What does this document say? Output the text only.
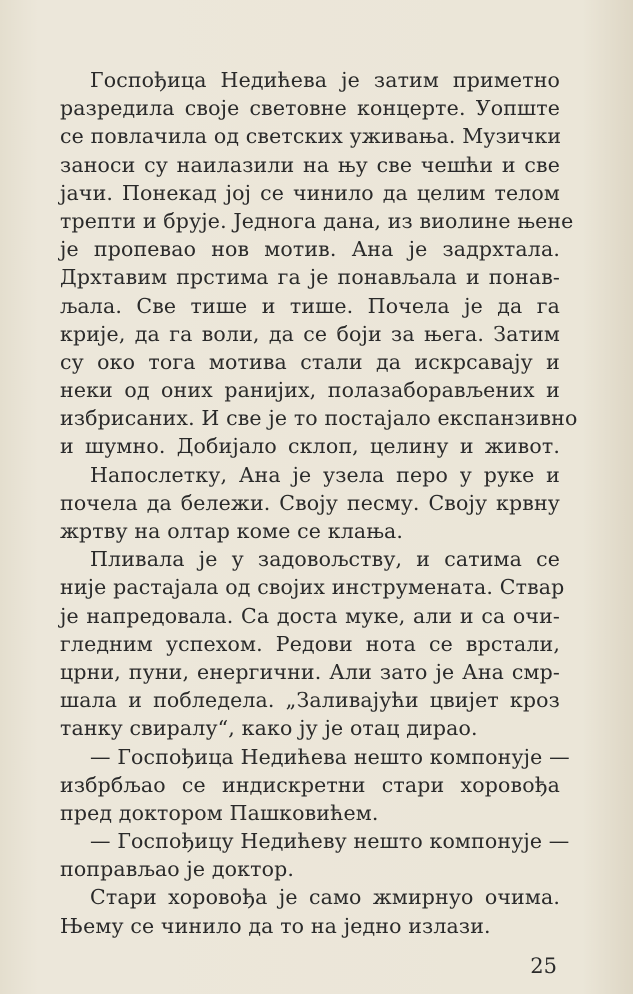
Госпођица Недићева је затим приметно
разредила своје световне концерте. Уопште
се повлачила од светских уживања. Музички
заноси су наилазили на њу све чешћи и све
јачи. Понекад јој се чинило да целим телом
трепти и брује. Једнога дана, из виолине њене
је пропевао нов мотив. Ана је задрхтала.
Дрхтавим прстима га је понављала и понав-
љала. Све тише и тише. Почела је да га
крије, да га воли, да се боји за њега. Затим
су око тога мотива стали да искрсавају и
неки од оних ранијих, полазаборављених и
избрисаних. И све је то постајало експанзивно
и шумно. Добијало склоп, целину и живот.
Напослетку, Ана је узела перо у руке и
почела да бележи. Своју песму. Своју крвну
жртву на олтар коме се клања.
Пливала је у задовољству, и сатима се
није растајала од својих инструмената. Ствар
је напредовала. Са доста муке, али и са очи-
гледним успехом. Редови нота се врстали,
црни, пуни, енергични. Али зато је Ана смр-
шала и побледела. „Заливајући цвијет кроз
танку свиралу“, како ју је отац дирао.
— Госпођица Недићева нешто компонује —
избрбљао се индискретни стари хоровођа
пред доктором Пашковићем.
— Госпођицу Недићеву нешто компонује —
поправљао је доктор.
Стари хоровођа је само жмирнуо очима.
Њему се чинило да то на једно излази.
25
